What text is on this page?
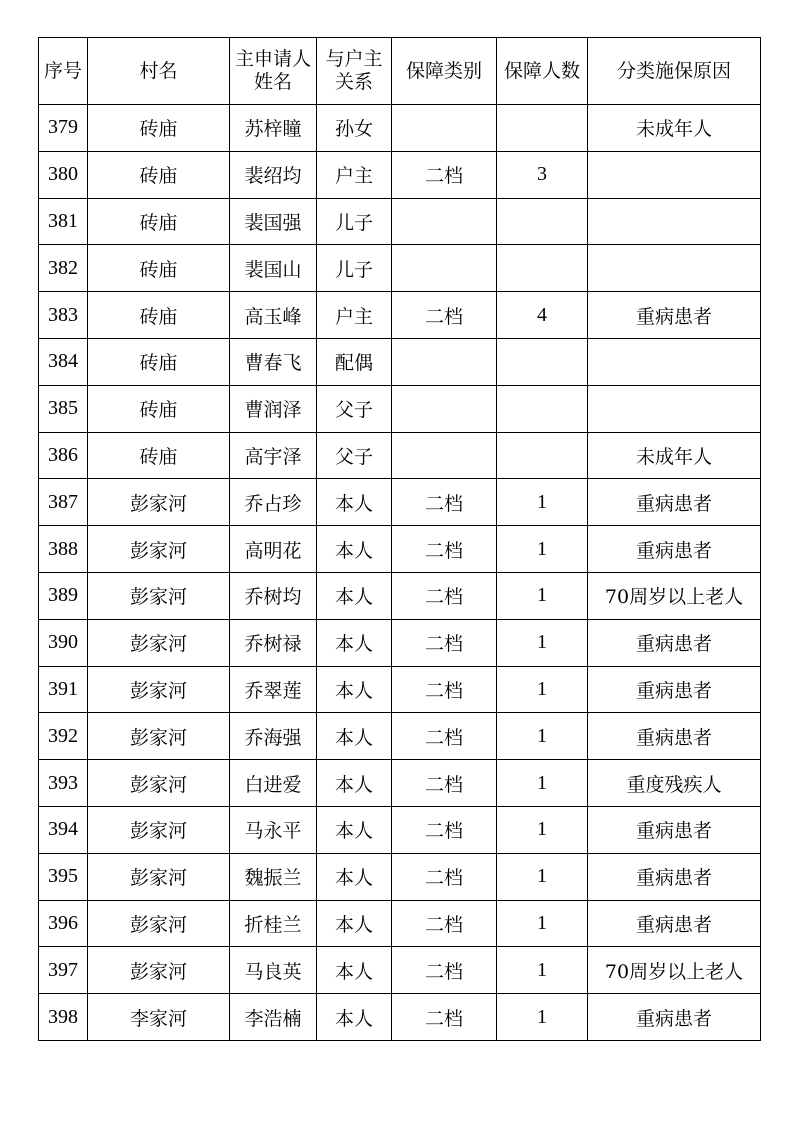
序号	村名	主申请人姓名	与户主关系	保障类别	保障人数	分类施保原因
379	砖庙	苏梓瞳	孙女			未成年人
380	砖庙	裴绍均	户主	二档	3	
381	砖庙	裴国强	儿子			
382	砖庙	裴国山	儿子			
383	砖庙	高玉峰	户主	二档	4	重病患者
384	砖庙	曹春飞	配偶			
385	砖庙	曹润泽	父子			
386	砖庙	高宇泽	父子			未成年人
387	彭家河	乔占珍	本人	二档	1	重病患者
388	彭家河	高明花	本人	二档	1	重病患者
389	彭家河	乔树均	本人	二档	1	70周岁以上老人
390	彭家河	乔树禄	本人	二档	1	重病患者
391	彭家河	乔翠莲	本人	二档	1	重病患者
392	彭家河	乔海强	本人	二档	1	重病患者
393	彭家河	白进爱	本人	二档	1	重度残疾人
394	彭家河	马永平	本人	二档	1	重病患者
395	彭家河	魏振兰	本人	二档	1	重病患者
396	彭家河	折桂兰	本人	二档	1	重病患者
397	彭家河	马良英	本人	二档	1	70周岁以上老人
398	李家河	李浩楠	本人	二档	1	重病患者
